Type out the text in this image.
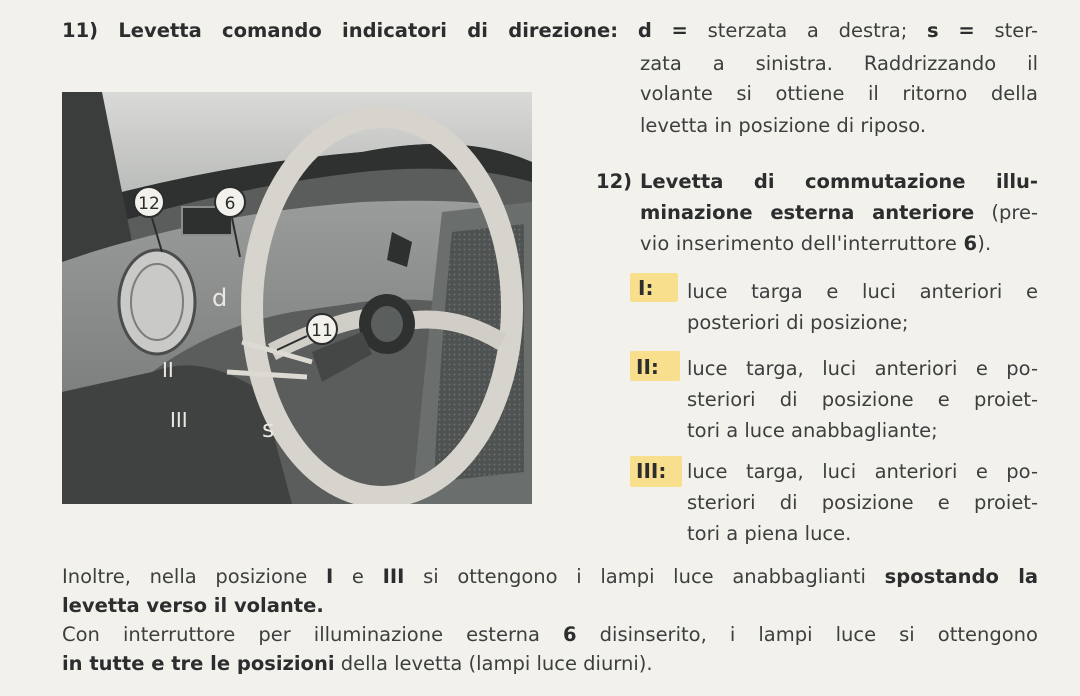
11) Levetta comando indicatori di direzione: d = sterzata a destra; s = ster-
zata a sinistra. Raddrizzando il
volante si ottiene il ritorno della
levetta in posizione di riposo.
12) Levetta di commutazione illu-
minazione esterna anteriore (pre-
vio inserimento dell'interruttore 6).
I:
II:
III:
luce targa e luci anteriori e
posteriori di posizione;
luce targa, luci anteriori e po-
steriori di posizione e proiet-
tori a luce anabbagliante;
luce targa, luci anteriori e po-
steriori di posizione e proiet-
tori a piena luce.
Inoltre, nella posizione I e III si ottengono i lampi luce anabbaglianti spostando la
levetta verso il volante.
Con interruttore per illuminazione esterna 6 disinserito, i lampi luce si ottengono
in tutte e tre le posizioni della levetta (lampi luce diurni).
12	6
11
d
s
II
III
